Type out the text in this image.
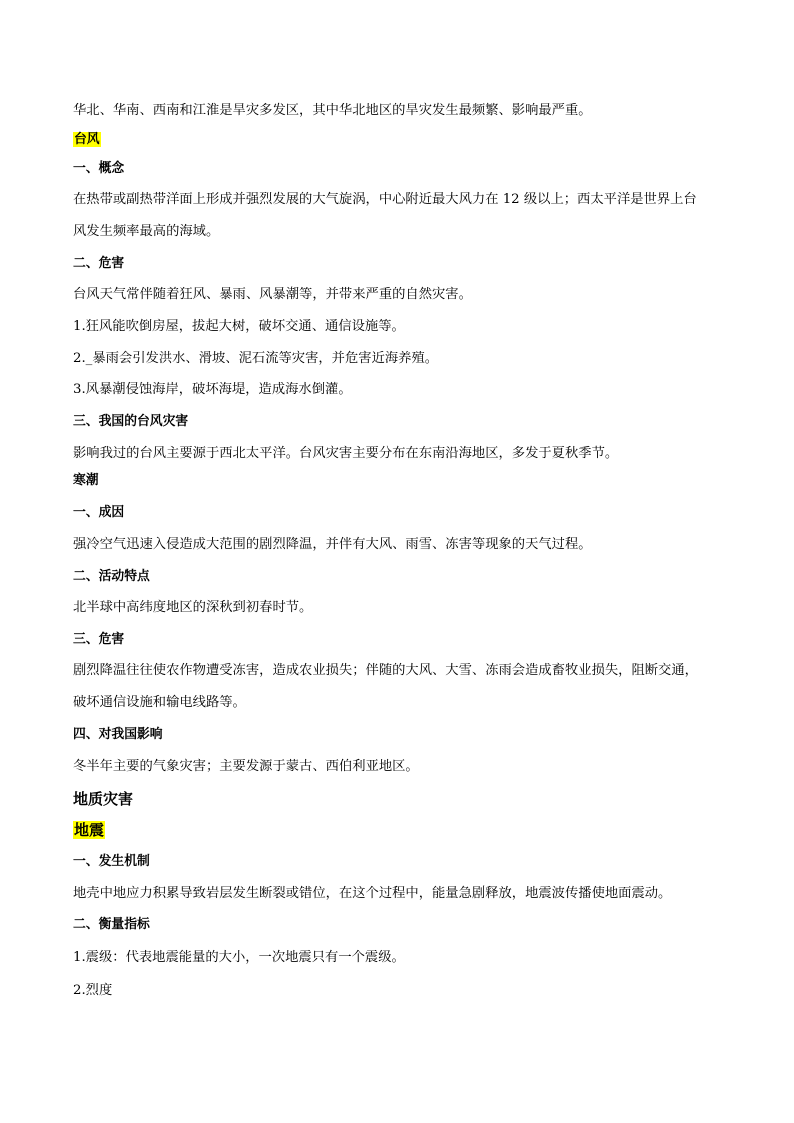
华北、华南、西南和江淮是旱灾多发区，其中华北地区的旱灾发生最频繁、影响最严重。
台风
一、概念
在热带或副热带洋面上形成并强烈发展的大气旋涡，中心附近最大风力在 12 级以上；西太平洋是世界上台
风发生频率最高的海域。
二、危害
台风天气常伴随着狂风、暴雨、风暴潮等，并带来严重的自然灾害。
1.狂风能吹倒房屋，拔起大树，破坏交通、通信设施等。
2._暴雨会引发洪水、滑坡、泥石流等灾害，并危害近海养殖。
3.风暴潮侵蚀海岸，破坏海堤，造成海水倒灌。
三、我国的台风灾害
影响我过的台风主要源于西北太平洋。台风灾害主要分布在东南沿海地区，多发于夏秋季节。
寒潮
一、成因
强冷空气迅速入侵造成大范围的剧烈降温，并伴有大风、雨雪、冻害等现象的天气过程。
二、活动特点
北半球中高纬度地区的深秋到初春时节。
三、危害
剧烈降温往往使农作物遭受冻害，造成农业损失；伴随的大风、大雪、冻雨会造成畜牧业损失，阻断交通，
破坏通信设施和输电线路等。
四、对我国影响
冬半年主要的气象灾害；主要发源于蒙古、西伯利亚地区。
地质灾害
地震
一、发生机制
地壳中地应力积累导致岩层发生断裂或错位，在这个过程中，能量急剧释放，地震波传播使地面震动。
二、衡量指标
1.震级：代表地震能量的大小，一次地震只有一个震级。
2.烈度
